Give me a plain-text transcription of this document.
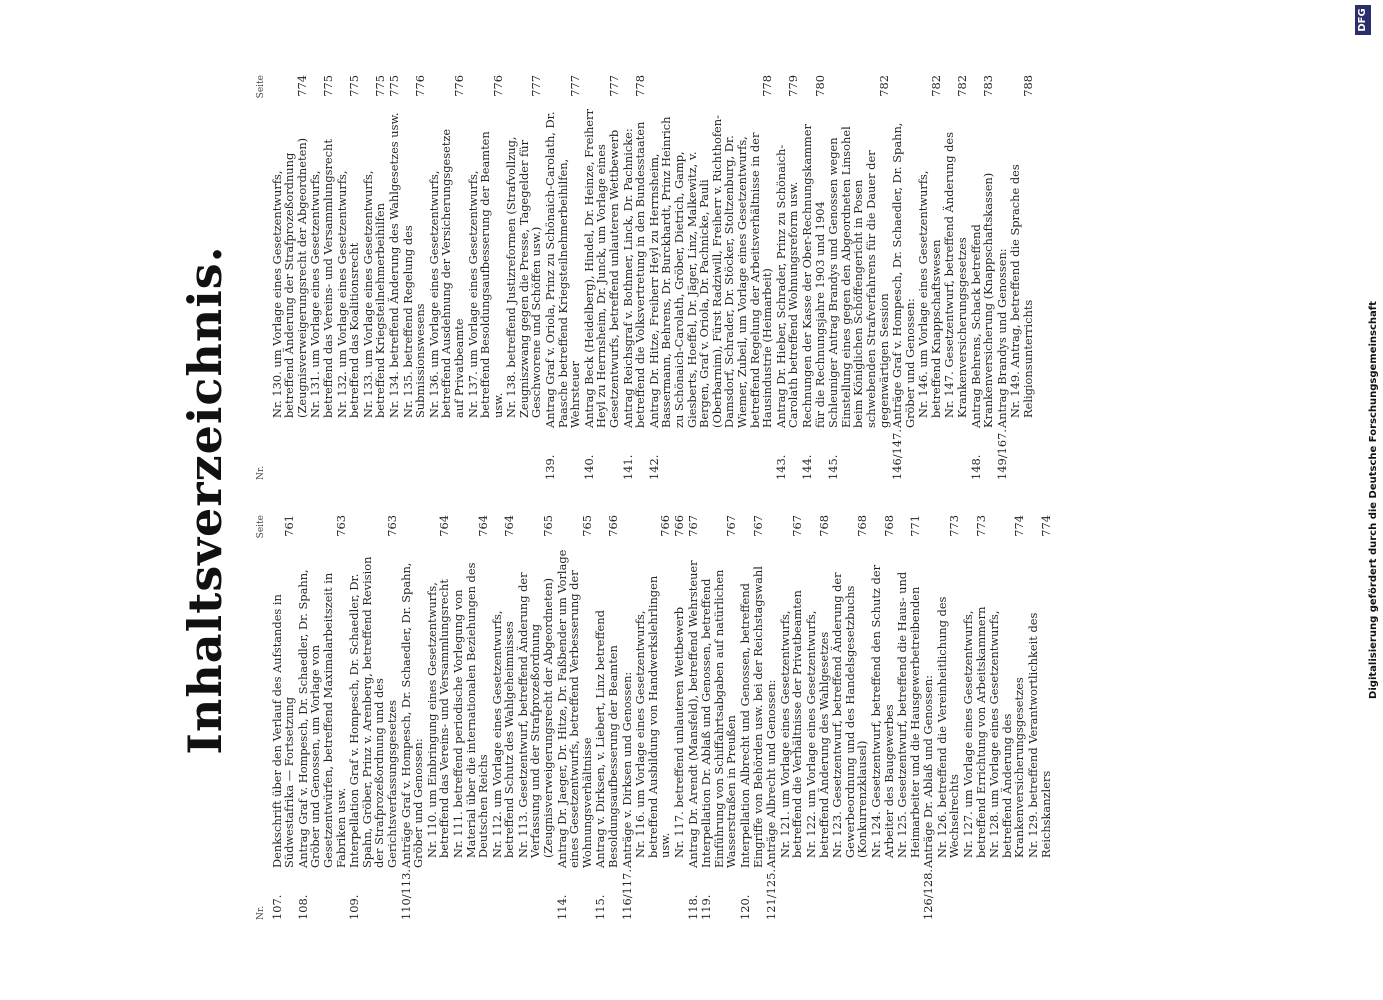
Inhaltsverzeichnis.
Nr.
Seite
107.
Denkschrift über den Verlauf des Aufstandes in Südwestafrika — Fortsetzung
761
108.
Antrag Graf v. Hompesch, Dr. Schaedler, Dr. Spahn, Gröber und Genossen, um Vorlage von Gesetzentwürfen, betreffend Maximalarbeitszeit in Fabriken usw.
763
109.
Interpellation Graf v. Hompesch, Dr. Schaedler, Dr. Spahn, Gröber, Prinz v. Arenberg, betreffend Revision der Strafprozeßordnung und des Gerichtsverfassungsgesetzes
763
110/113.
Anträge Graf v. Hompesch, Dr. Schaedler, Dr. Spahn, Gröber und Genossen: Nr. 110. um Einbringung eines Gesetzentwurfs, betreffend das Vereins- und Versammlungsrecht
764
Nr. 111. betreffend periodische Vorlegung von Material über die internationalen Beziehungen des Deutschen Reichs
764
Nr. 112. um Vorlage eines Gesetzentwurfs, betreffend Schutz des Wahlgeheimnisses
764
Nr. 113. Gesetzentwurf, betreffend Änderung der Verfassung und der Strafprozeßordnung (Zeugnisverweigerungsrecht der Abgeordneten)
765
114.
Antrag Dr. Jaeger, Dr. Hitze, Dr. Faßbender um Vorlage eines Gesetzentwurfs, betreffend Verbesserung der Wohnungsverhältnisse
765
115.
Antrag v. Dirksen, v. Liebert, Linz betreffend Besoldungsaufbesserung der Beamten
766
116/117.
Anträge v. Dirksen und Genossen: Nr. 116. um Vorlage eines Gesetzentwurfs, betreffend Ausbildung von Handwerkslehrlingen usw.
766
Nr. 117. betreffend unlauteren Wettbewerb
766
118.
Antrag Dr. Arendt (Mansfeld), betreffend Wehrsteuer
767
119.
Interpellation Dr. Ablaß und Genossen, betreffend Einführung von Schiffahrtsabgaben auf natürlichen Wasserstraßen in Preußen
767
120.
Interpellation Albrecht und Genossen, betreffend Eingriffe von Behörden usw. bei der Reichstagswahl
767
121/125.
Anträge Albrecht und Genossen: Nr. 121. um Vorlage eines Gesetzentwurfs, betreffend die Verhältnisse der Privatbeamten
767
Nr. 122. um Vorlage eines Gesetzentwurfs, betreffend Änderung des Wahlgesetzes
768
Nr. 123. Gesetzentwurf, betreffend Änderung der Gewerbeordnung und des Handelsgesetzbuchs (Konkurrenzklausel)
768
Nr. 124. Gesetzentwurf, betreffend den Schutz der Arbeiter des Baugewerbes
768
Nr. 125. Gesetzentwurf, betreffend die Haus- und Heimarbeiter und die Hausgewerbetreibenden
771
126/128.
Anträge Dr. Ablaß und Genossen: Nr. 126. betreffend die Vereinheitlichung des Wechselrechts
773
Nr. 127. um Vorlage eines Gesetzentwurfs, betreffend Errichtung von Arbeitskammern
773
Nr. 128. um Vorlage eines Gesetzentwurfs, betreffend Änderung des Krankenversicherungsgesetzes
774
Nr. 129. betreffend Verantwortlichkeit des Reichskanzlers
774
Nr.
Seite
Nr. 130. um Vorlage eines Gesetzentwurfs, betreffend Änderung der Strafprozeßordnung (Zeugnisverweigerungsrecht der Abgeordneten)
774
Nr. 131. um Vorlage eines Gesetzentwurfs, betreffend das Vereins- und Versammlungsrecht
775
Nr. 132. um Vorlage eines Gesetzentwurfs, betreffend das Koalitionsrecht
775
Nr. 133. um Vorlage eines Gesetzentwurfs, betreffend Kriegsteilnehmerbeihilfen
775
Nr. 134. betreffend Änderung des Wahlgesetzes usw.
775
Nr. 135. betreffend Regelung des Submissionswesens
776
Nr. 136. um Vorlage eines Gesetzentwurfs, betreffend Ausdehnung der Versicherungsgesetze auf Privatbeamte
776
Nr. 137. um Vorlage eines Gesetzentwurfs, betreffend Besoldungsaufbesserung der Beamten usw.
776
Nr. 138. betreffend Justizreformen (Strafvollzug, Zeugniszwang gegen die Presse, Tagegelder für Geschworene und Schöffen usw.)
777
139.
Antrag Graf v. Oriola, Prinz zu Schönaich-Carolath, Dr. Paasche betreffend Kriegsteilnehmerbeihilfen, Wehrsteuer
777
140.
Antrag Beck (Heidelberg), Hindel, Dr. Heinze, Freiherr Heyl zu Herrnsheim, Dr. Junck, um Vorlage eines Gesetzentwurfs, betreffend unlauteren Wettbewerb
777
141.
Antrag Reichsgraf v. Bothmer, Linck, Dr. Pachnicke: betreffend die Volksvertretung in den Bundesstaaten
778
142.
Antrag Dr. Hitze, Freiherr Heyl zu Herrnsheim, Bassermann, Behrens, Dr. Burckhardt, Prinz Heinrich zu Schönaich-Carolath, Gröber, Dietrich, Gamp, Giesberts, Hoeffel, Dr. Jäger, Linz, Malkewitz, v. Bergen, Graf v. Oriola, Dr. Pachnicke, Pauli (Oberbarnim), Fürst Radziwill, Freiherr v. Richthofen-Damsdorf, Schrader, Dr. Stöcker, Stoltzenburg, Dr. Wiemer, Zubeil, um Vorlage eines Gesetzentwurfs, betreffend Regelung der Arbeitsverhältnisse in der Hausindustrie (Heimarbeit)
778
143.
Antrag Dr. Hieber, Schrader, Prinz zu Schönaich-Carolath betreffend Wohnungsreform usw.
779
144.
Rechnungen der Kasse der Ober-Rechnungskammer für die Rechnungsjahre 1903 und 1904
780
145.
Schleuniger Antrag Brandys und Genossen wegen Einstellung eines gegen den Abgeordneten Linsohel beim Königlichen Schöffengericht in Posen schwebenden Strafverfahrens für die Dauer der gegenwärtigen Session
782
146/147.
Anträge Graf v. Hompesch, Dr. Schaedler, Dr. Spahn, Gröber und Genossen: Nr. 146. um Vorlage eines Gesetzentwurfs, betreffend Knappschaftswesen
782
Nr. 147. Gesetzentwurf, betreffend Änderung des Krankenversicherungsgesetzes
782
148.
Antrag Behrens, Schack betreffend Krankenversicherung (Knappschaftskassen)
783
149/167.
Antrag Brandys und Genossen: Nr. 149. Antrag, betreffend die Sprache des Religionsunterrichts
788
Digitalisierung gefördert durch die Deutsche Forschungsgemeinschaft
DFG
